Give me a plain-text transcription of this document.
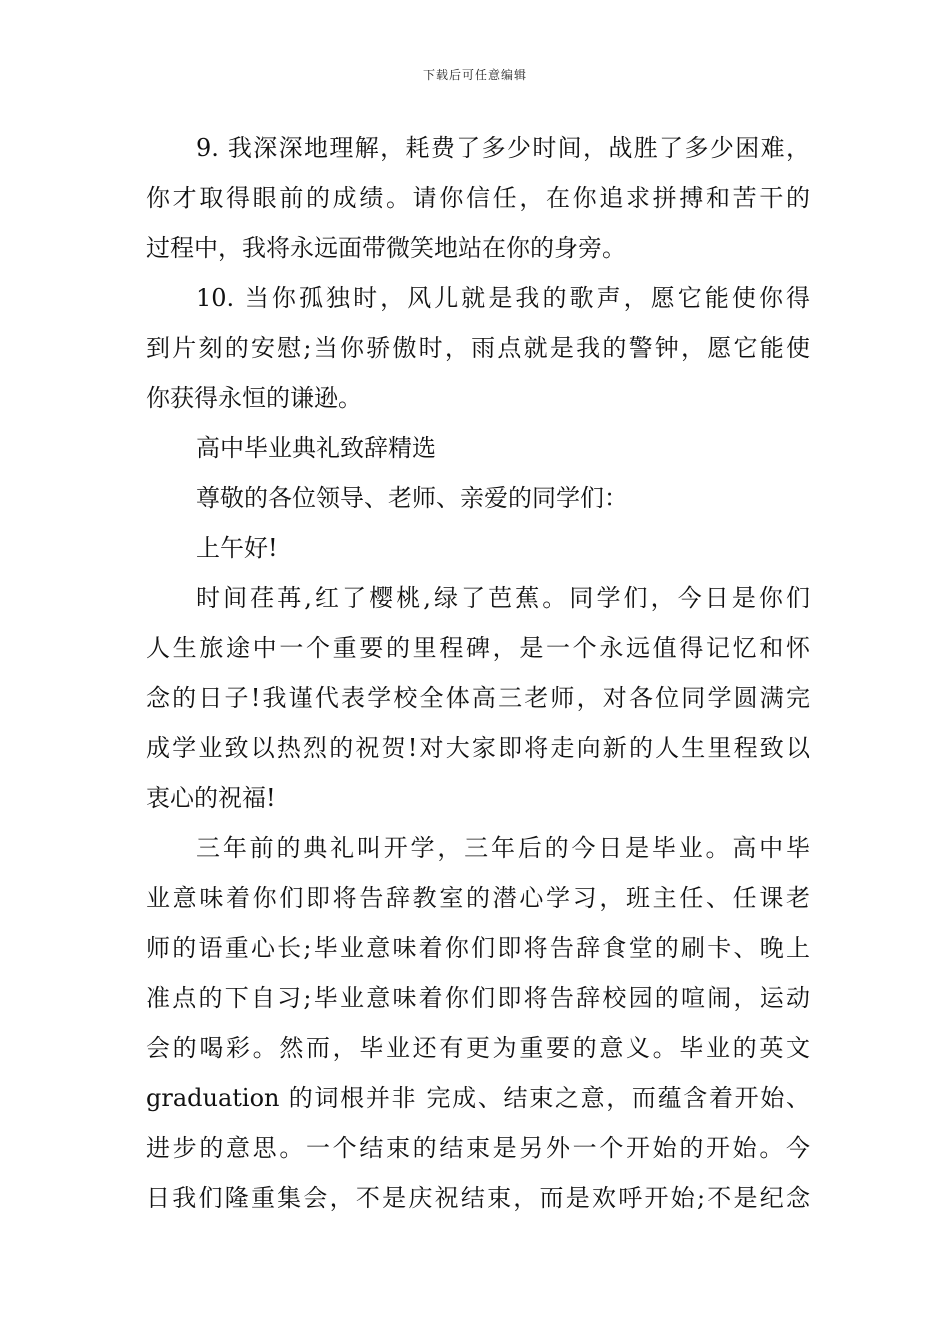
下载后可任意编辑
9. 我深深地理解，耗费了多少时间，战胜了多少困难，
你才取得眼前的成绩。请你信任，在你追求拼搏和苦干的
过程中，我将永远面带微笑地站在你的身旁。
10. 当你孤独时，风儿就是我的歌声，愿它能使你得
到片刻的安慰;当你骄傲时，雨点就是我的警钟，愿它能使
你获得永恒的谦逊。
高中毕业典礼致辞精选
尊敬的各位领导、老师、亲爱的同学们：
上午好!
时间荏苒,红了樱桃,绿了芭蕉。同学们，今日是你们
人生旅途中一个重要的里程碑，是一个永远值得记忆和怀
念的日子!我谨代表学校全体高三老师，对各位同学圆满完
成学业致以热烈的祝贺!对大家即将走向新的人生里程致以
衷心的祝福!
三年前的典礼叫开学，三年后的今日是毕业。高中毕
业意味着你们即将告辞教室的潜心学习，班主任、任课老
师的语重心长;毕业意味着你们即将告辞食堂的刷卡、晚上
准点的下自习;毕业意味着你们即将告辞校园的喧闹，运动
会的喝彩。然而，毕业还有更为重要的意义。毕业的英文
graduation 的词根并非 完成、结束之意，而蕴含着开始、
进步的意思。一个结束的结束是另外一个开始的开始。今
日我们隆重集会，不是庆祝结束，而是欢呼开始;不是纪念
